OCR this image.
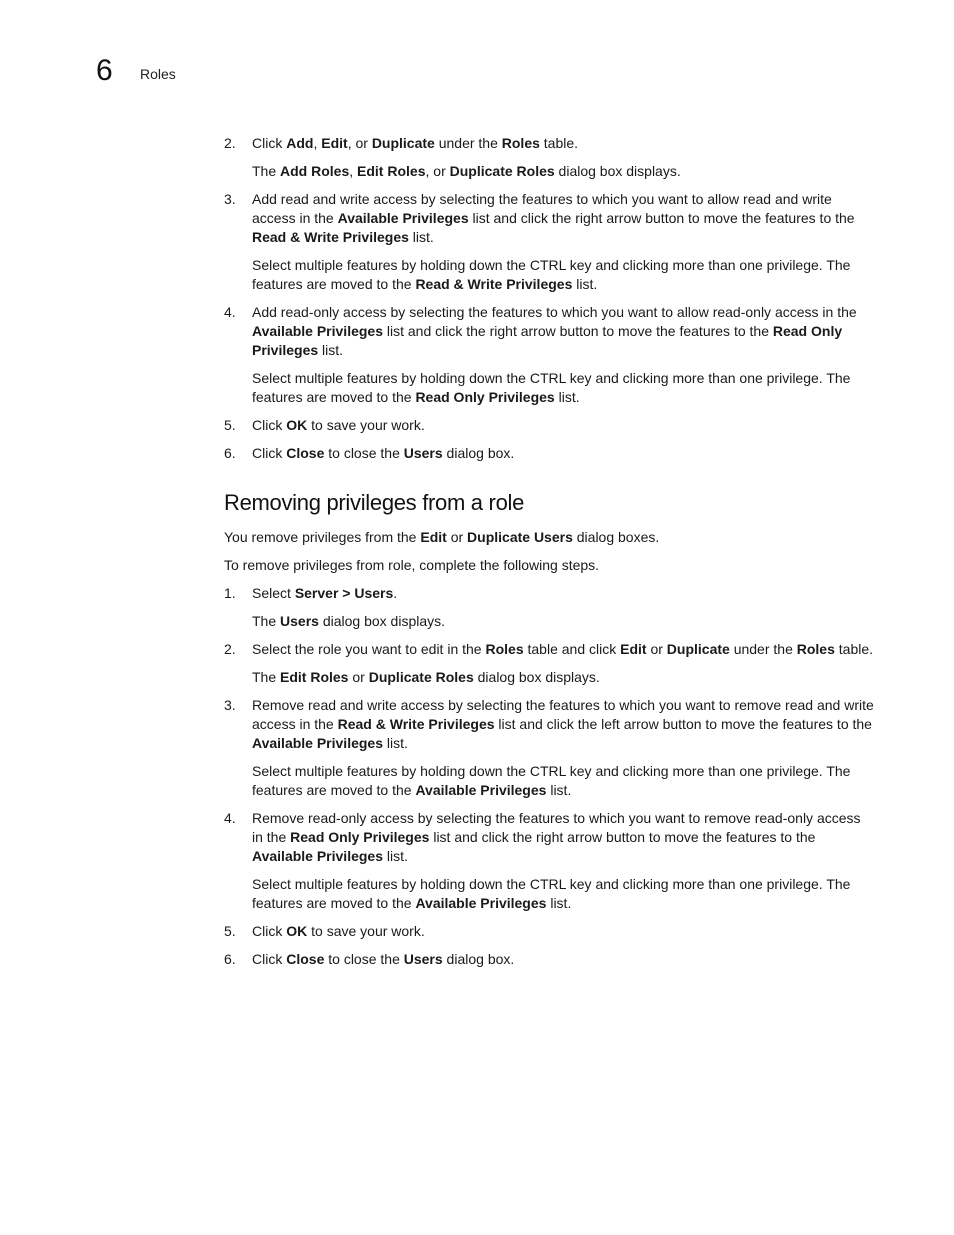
6 Roles
2.	Click Add, Edit, or Duplicate under the Roles table.
The Add Roles, Edit Roles, or Duplicate Roles dialog box displays.
3.	Add read and write access by selecting the features to which you want to allow read and write access in the Available Privileges list and click the right arrow button to move the features to the Read & Write Privileges list.
Select multiple features by holding down the CTRL key and clicking more than one privilege. The features are moved to the Read & Write Privileges list.
4.	Add read-only access by selecting the features to which you want to allow read-only access in the Available Privileges list and click the right arrow button to move the features to the Read Only Privileges list.
Select multiple features by holding down the CTRL key and clicking more than one privilege. The features are moved to the Read Only Privileges list.
5.	Click OK to save your work.
6.	Click Close to close the Users dialog box.
Removing privileges from a role
You remove privileges from the Edit or Duplicate Users dialog boxes.
To remove privileges from role, complete the following steps.
1.	Select Server > Users.
The Users dialog box displays.
2.	Select the role you want to edit in the Roles table and click Edit or Duplicate under the Roles table.
The Edit Roles or Duplicate Roles dialog box displays.
3.	Remove read and write access by selecting the features to which you want to remove read and write access in the Read & Write Privileges list and click the left arrow button to move the features to the Available Privileges list.
Select multiple features by holding down the CTRL key and clicking more than one privilege. The features are moved to the Available Privileges list.
4.	Remove read-only access by selecting the features to which you want to remove read-only access in the Read Only Privileges list and click the right arrow button to move the features to the Available Privileges list.
Select multiple features by holding down the CTRL key and clicking more than one privilege. The features are moved to the Available Privileges list.
5.	Click OK to save your work.
6.	Click Close to close the Users dialog box.
